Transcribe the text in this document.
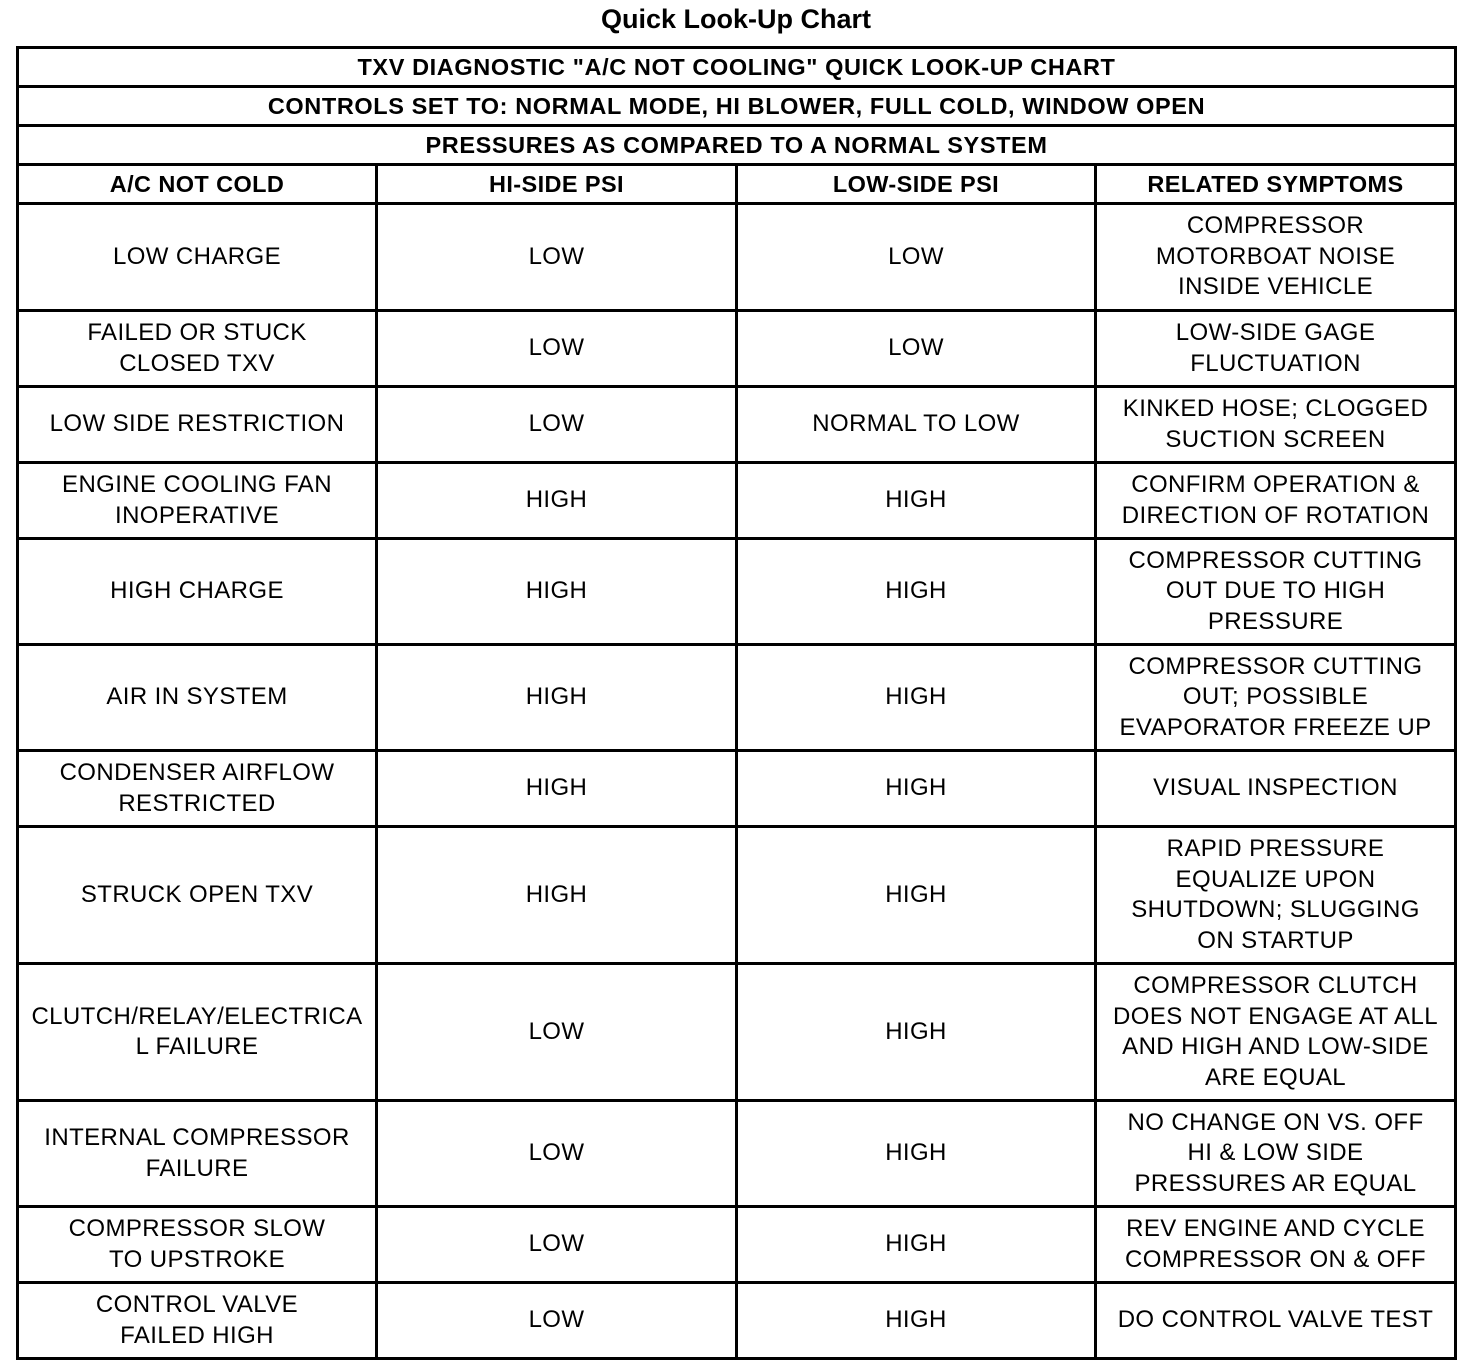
Quick Look-Up Chart
TXV DIAGNOSTIC "A/C NOT COOLING" QUICK LOOK-UP CHART			
CONTROLS SET TO: NORMAL MODE, HI BLOWER, FULL COLD, WINDOW OPEN			
PRESSURES AS COMPARED TO A NORMAL SYSTEM			
A/C NOT COLD	HI-SIDE PSI	LOW-SIDE PSI	RELATED SYMPTOMS

LOW CHARGE	LOW	LOW	COMPRESSOR
MOTORBOAT NOISE
INSIDE VEHICLE

FAILED OR STUCK
CLOSED TXV	LOW	LOW	LOW-SIDE GAGE
FLUCTUATION

LOW SIDE RESTRICTION	LOW	NORMAL TO LOW	KINKED HOSE; CLOGGED
SUCTION SCREEN

ENGINE COOLING FAN
INOPERATIVE	HIGH	HIGH	CONFIRM OPERATION &
DIRECTION OF ROTATION

HIGH CHARGE	HIGH	HIGH	COMPRESSOR CUTTING
OUT DUE TO HIGH
PRESSURE

AIR IN SYSTEM	HIGH	HIGH	COMPRESSOR CUTTING
OUT; POSSIBLE
EVAPORATOR FREEZE UP

CONDENSER AIRFLOW
RESTRICTED	HIGH	HIGH	VISUAL INSPECTION

STRUCK OPEN TXV	HIGH	HIGH	RAPID PRESSURE
EQUALIZE UPON
SHUTDOWN; SLUGGING
ON STARTUP

CLUTCH/RELAY/ELECTRICA
L FAILURE	LOW	HIGH	COMPRESSOR CLUTCH
DOES NOT ENGAGE AT ALL
AND HIGH AND LOW-SIDE
ARE EQUAL

INTERNAL COMPRESSOR
FAILURE	LOW	HIGH	NO CHANGE ON VS. OFF
HI & LOW SIDE
PRESSURES AR EQUAL

COMPRESSOR SLOW
TO UPSTROKE	LOW	HIGH	REV ENGINE AND CYCLE
COMPRESSOR ON & OFF

CONTROL VALVE
FAILED HIGH	LOW	HIGH	DO CONTROL VALVE TEST
